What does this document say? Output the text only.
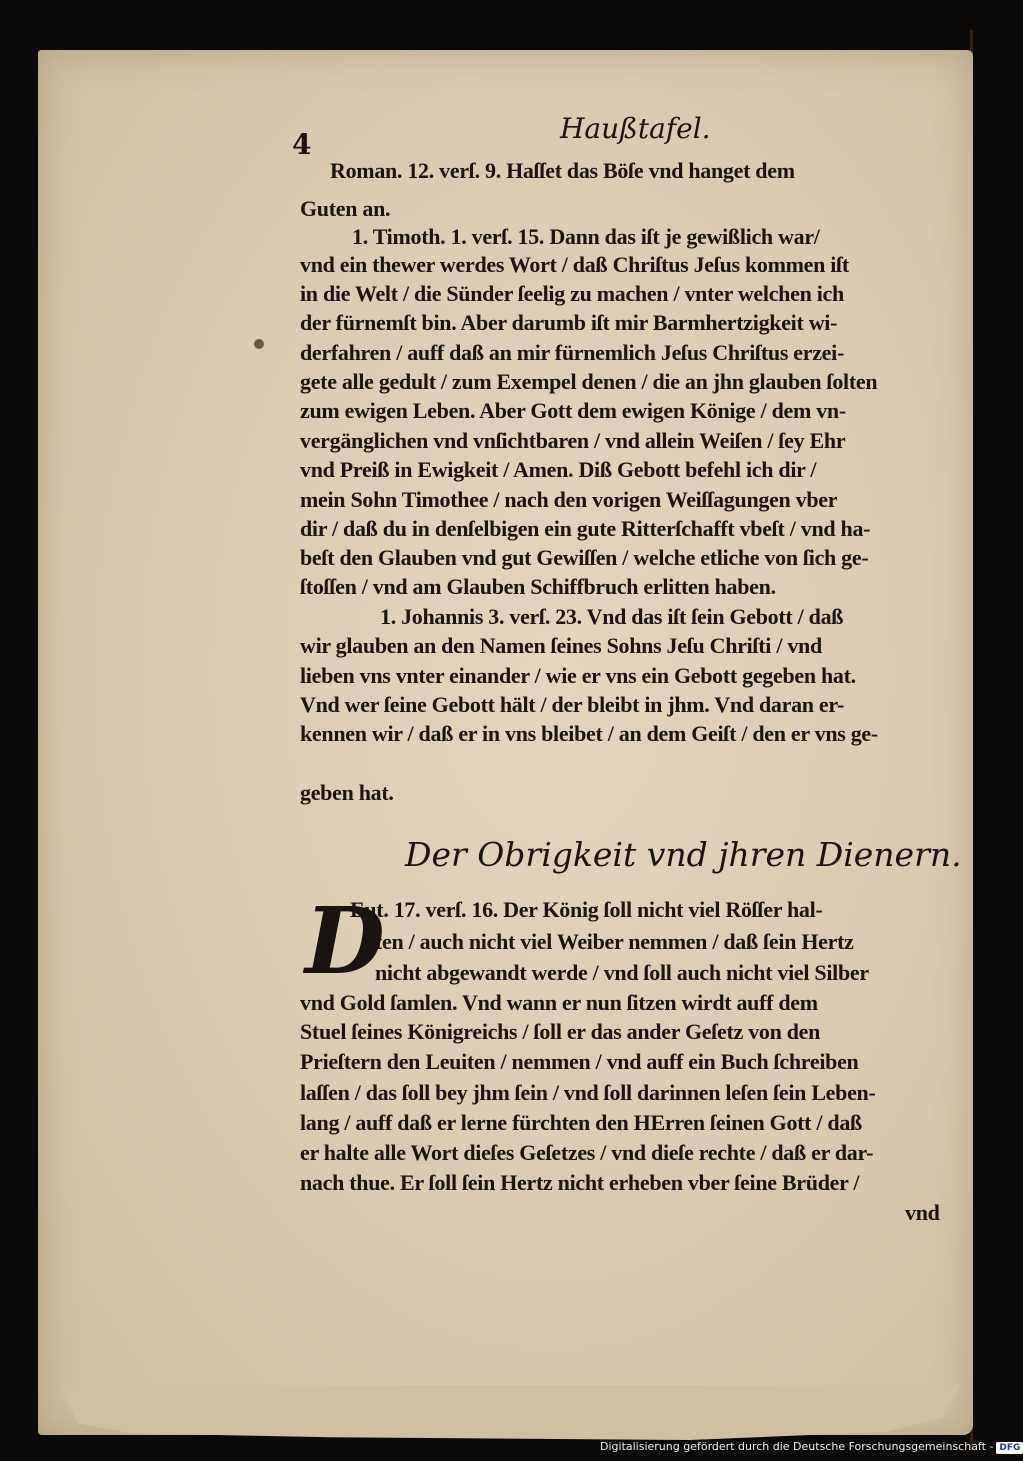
4	Haußtafel.
Roman. 12. verſ. 9. Haſſet das Böſe vnd hanget dem
Guten an.
1. Timoth. 1. verſ. 15. Dann das iſt je gewißlich war/
vnd ein thewer werdes Wort / daß Chriſtus Jeſus kommen iſt
in die Welt / die Sünder ſeelig zu machen / vnter welchen ich
der fürnemſt bin. Aber darumb iſt mir Barmhertzigkeit wi-
derfahren / auff daß an mir fürnemlich Jeſus Chriſtus erzei-
gete alle gedult / zum Exempel denen / die an jhn glauben ſolten
zum ewigen Leben. Aber Gott dem ewigen Könige / dem vn-
vergänglichen vnd vnſichtbaren / vnd allein Weiſen / ſey Ehr
vnd Preiß in Ewigkeit / Amen. Diß Gebott befehl ich dir /
mein Sohn Timothee / nach den vorigen Weiſſagungen vber
dir / daß du in denſelbigen ein gute Ritterſchafft vbeſt / vnd ha-
beſt den Glauben vnd gut Gewiſſen / welche etliche von ſich ge-
ſtoſſen / vnd am Glauben Schiffbruch erlitten haben.
1. Johannis 3. verſ. 23. Vnd das iſt ſein Gebott / daß
wir glauben an den Namen ſeines Sohns Jeſu Chriſti / vnd
lieben vns vnter einander / wie er vns ein Gebott gegeben hat.
Vnd wer ſeine Gebott hält / der bleibt in jhm. Vnd daran er-
kennen wir / daß er in vns bleibet / an dem Geiſt / den er vns ge-
geben hat.
Der Obrigkeit vnd jhren Dienern.
D
Eut. 17. verſ. 16. Der König ſoll nicht viel Röſſer hal-
ten / auch nicht viel Weiber nemmen / daß ſein Hertz
nicht abgewandt werde / vnd ſoll auch nicht viel Silber
vnd Gold ſamlen. Vnd wann er nun ſitzen wirdt auff dem
Stuel ſeines Königreichs / ſoll er das ander Geſetz von den
Prieſtern den Leuiten / nemmen / vnd auff ein Buch ſchreiben
laſſen / das ſoll bey jhm ſein / vnd ſoll darinnen leſen ſein Leben-
lang / auff daß er lerne fürchten den HErren ſeinen Gott / daß
er halte alle Wort dieſes Geſetzes / vnd dieſe rechte / daß er dar-
nach thue. Er ſoll ſein Hertz nicht erheben vber ſeine Brüder /
vnd
Digitalisierung gefördert durch die Deutsche Forschungsgemeinschaft - DFG
